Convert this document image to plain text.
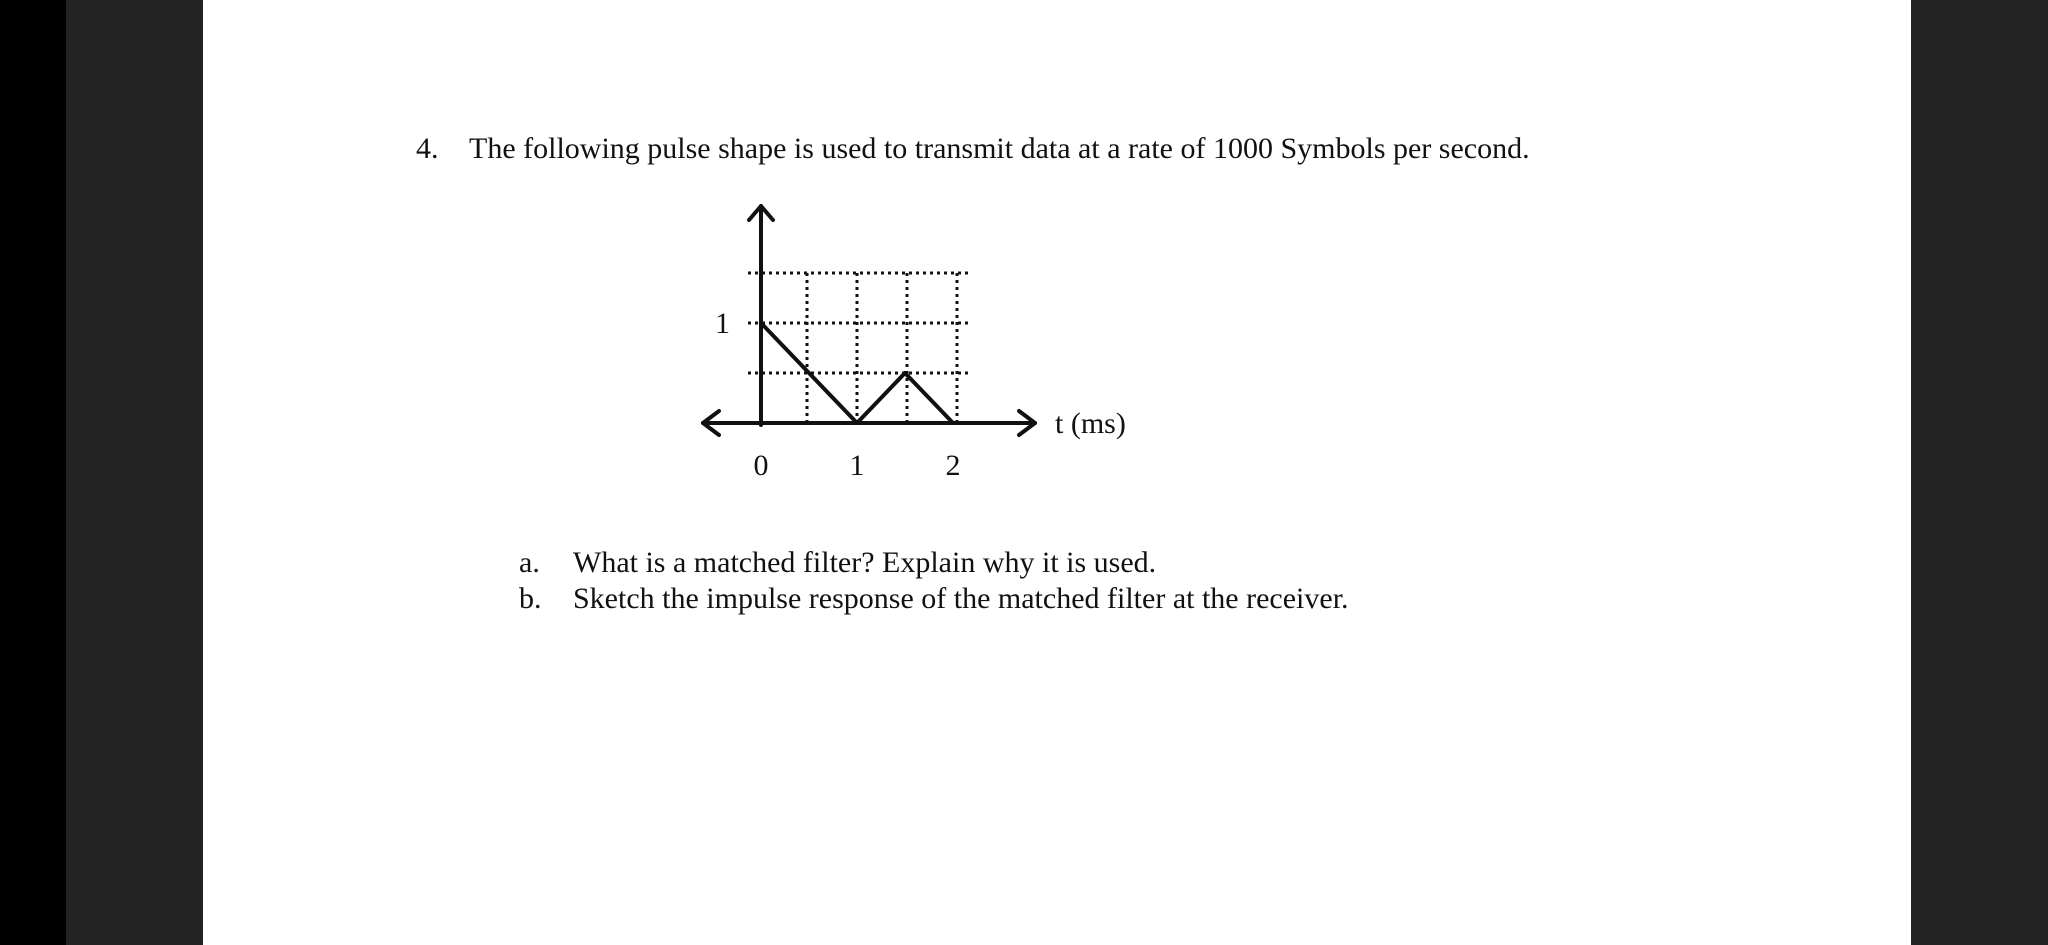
4. The following pulse shape is used to transmit data at a rate of 1000 Symbols per second.
1
0	1	2
t (ms)
a. What is a matched filter? Explain why it is used.
b. Sketch the impulse response of the matched filter at the receiver.
